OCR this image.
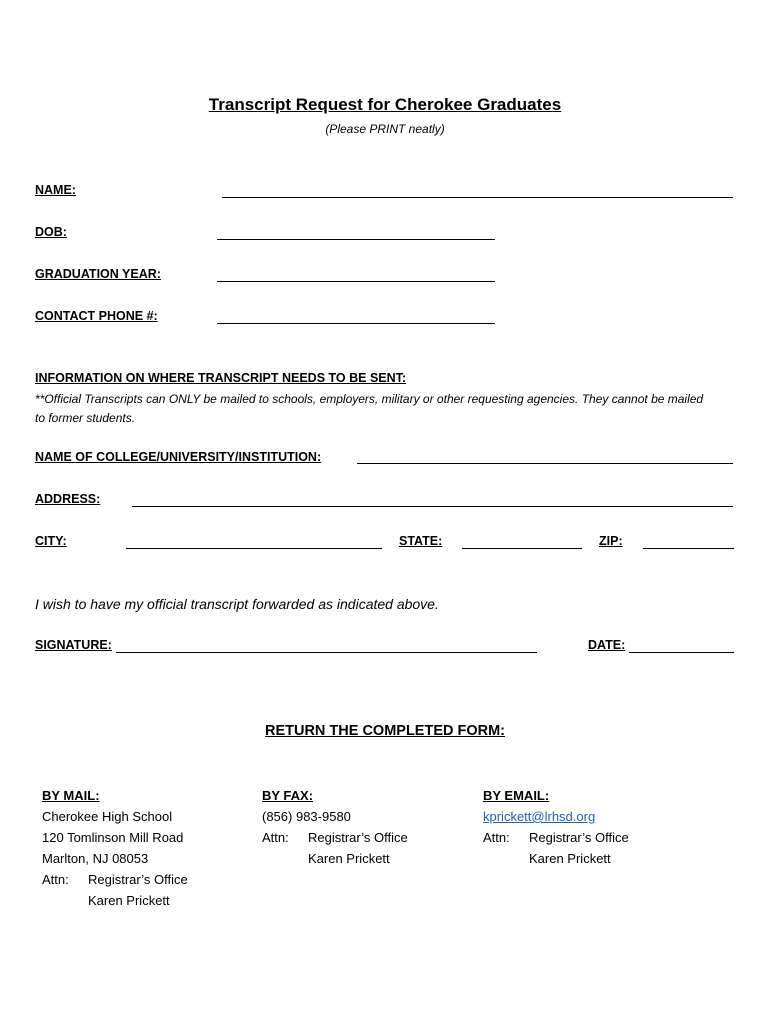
Transcript Request for Cherokee Graduates
(Please PRINT neatly)
NAME:
DOB:
GRADUATION YEAR:
CONTACT PHONE #:
INFORMATION ON WHERE TRANSCRIPT NEEDS TO BE SENT:
**Official Transcripts can ONLY be mailed to schools, employers, military or other requesting agencies. They cannot be mailed to former students.
NAME OF COLLEGE/UNIVERSITY/INSTITUTION:
ADDRESS:
CITY:	STATE:	ZIP:
I wish to have my official transcript forwarded as indicated above.
SIGNATURE:	DATE:
RETURN THE COMPLETED FORM:
BY MAIL:
Cherokee High School
120 Tomlinson Mill Road
Marlton, NJ 08053
Attn:	Registrar’s Office
Karen Prickett
BY FAX:
(856) 983-9580
Attn:	Registrar’s Office
Karen Prickett
BY EMAIL:
kprickett@lrhsd.org
Attn:	Registrar’s Office
Karen Prickett
